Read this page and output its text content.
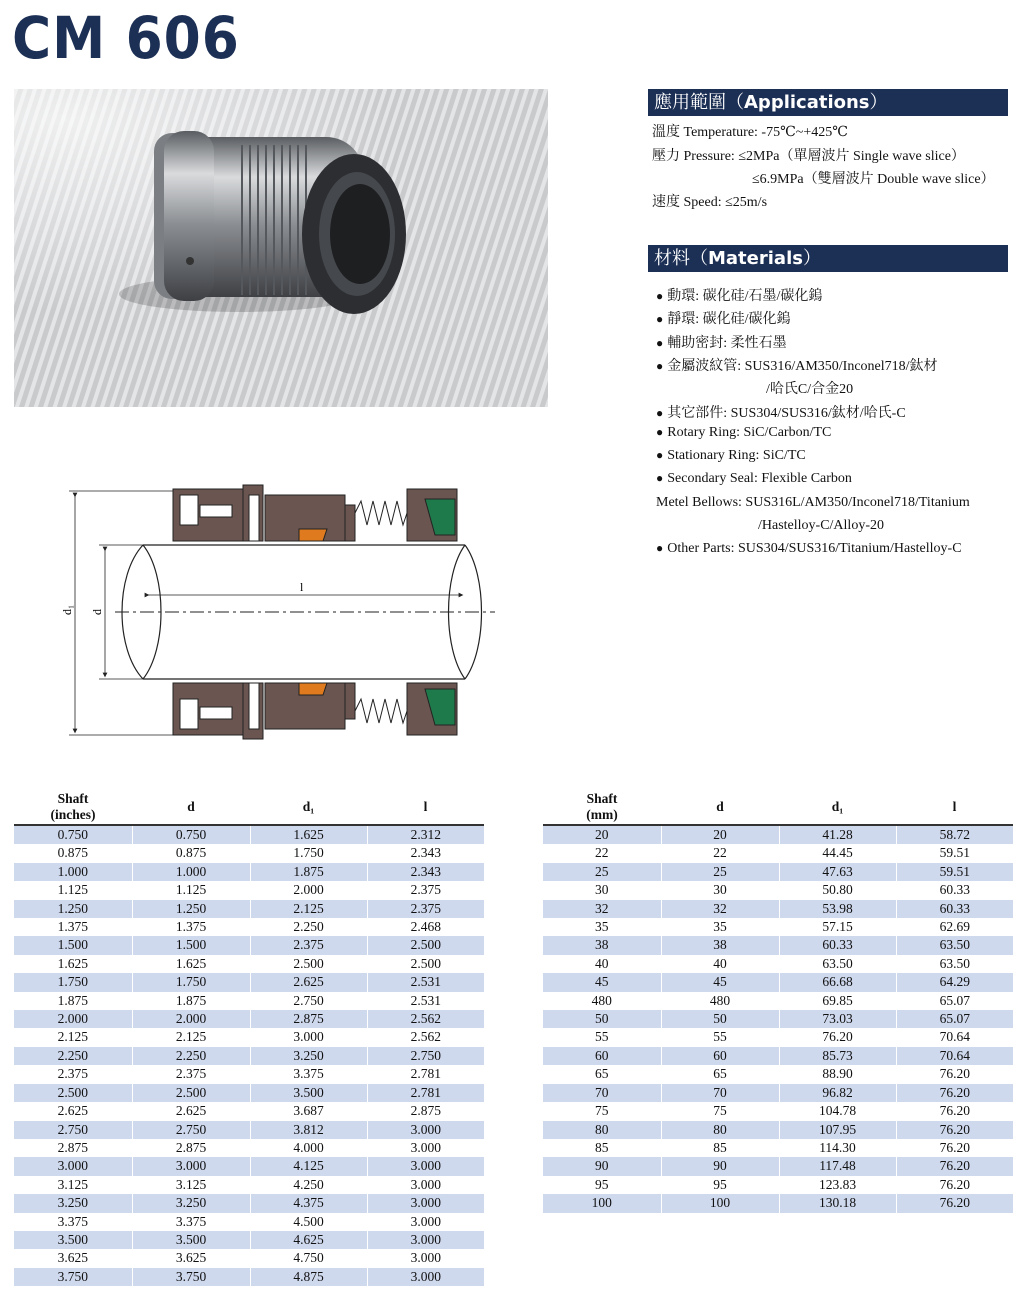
CM 606
應用範圍（Applications）
溫度 Temperature: -75℃~+425℃
壓力 Pressure: ≤2MPa（單層波片 Single wave slice）
≤6.9MPa（雙層波片 Double wave slice）
速度 Speed: ≤25m/s
材料（Materials）
● 動環: 碳化硅/石墨/碳化鎢
● 靜環: 碳化硅/碳化鎢
● 輔助密封: 柔性石墨
● 金屬波紋管: SUS316/AM350/Inconel718/鈦材
/哈氏C/合金20
● 其它部件: SUS304/SUS316/鈦材/哈氏-C
● Rotary Ring: SiC/Carbon/TC
● Stationary Ring: SiC/TC
● Secondary Seal: Flexible Carbon
Metel Bellows: SUS316L/AM350/Inconel718/Titanium
/Hastelloy-C/Alloy-20
● Other Parts: SUS304/SUS316/Titanium/Hastelloy-C
d₁ d
l
Shaft
(inches)	d	d₁	l
0.750	0.750	1.625	2.312
0.875	0.875	1.750	2.343
1.000	1.000	1.875	2.343
1.125	1.125	2.000	2.375
1.250	1.250	2.125	2.375
1.375	1.375	2.250	2.468
1.500	1.500	2.375	2.500
1.625	1.625	2.500	2.500
1.750	1.750	2.625	2.531
1.875	1.875	2.750	2.531
2.000	2.000	2.875	2.562
2.125	2.125	3.000	2.562
2.250	2.250	3.250	2.750
2.375	2.375	3.375	2.781
2.500	2.500	3.500	2.781
2.625	2.625	3.687	2.875
2.750	2.750	3.812	3.000
2.875	2.875	4.000	3.000
3.000	3.000	4.125	3.000
3.125	3.125	4.250	3.000
3.250	3.250	4.375	3.000
3.375	3.375	4.500	3.000
3.500	3.500	4.625	3.000
3.625	3.625	4.750	3.000
3.750	3.750	4.875	3.000
Shaft
(mm)	d	d₁	l
20	20	41.28	58.72
22	22	44.45	59.51
25	25	47.63	59.51
30	30	50.80	60.33
32	32	53.98	60.33
35	35	57.15	62.69
38	38	60.33	63.50
40	40	63.50	63.50
45	45	66.68	64.29
480	480	69.85	65.07
50	50	73.03	65.07
55	55	76.20	70.64
60	60	85.73	70.64
65	65	88.90	76.20
70	70	96.82	76.20
75	75	104.78	76.20
80	80	107.95	76.20
85	85	114.30	76.20
90	90	117.48	76.20
95	95	123.83	76.20
100	100	130.18	76.20
